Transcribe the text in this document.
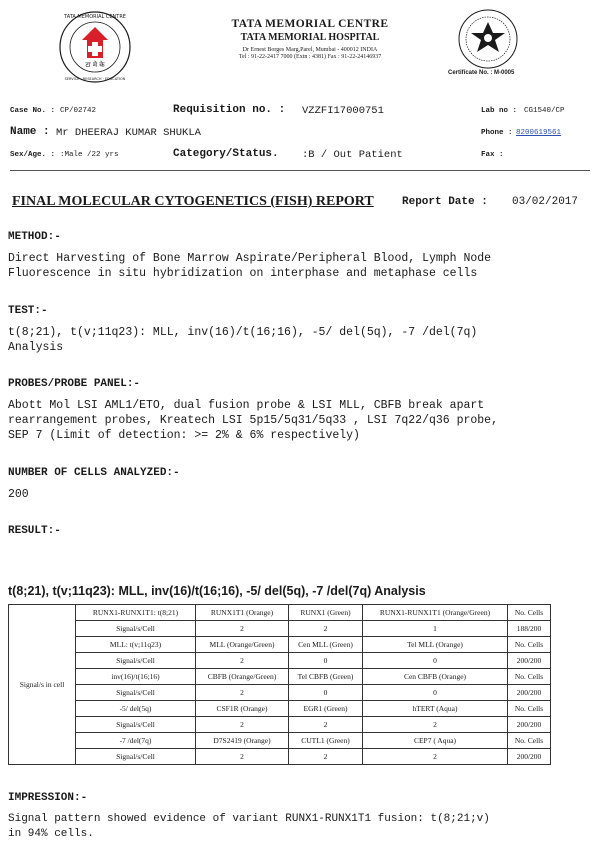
टा मे के
TATA MEMORIAL CENTRE
SERVICE · RESEARCH · EDUCATION
TATA MEMORIAL CENTRE
TATA MEMORIAL HOSPITAL
Dr Ernest Borges Marg,Parel, Mumbai - 400012 INDIA
Tel : 91-22-2417 7000 (Extn : 4381) Fax : 91-22-24146937
Certificate No. : M-0005
Case No. : CP/02742	Requisition no. : VZZFI17000751	Lab no : CG1540/CP
Name : Mr DHEERAJ KUMAR SHUKLA	Phone : 8200619561
Sex/Age. : :Male /22 yrs	Category/Status. :B / Out Patient	Fax :
FINAL MOLECULAR CYTOGENETICS (FISH) REPORT	Report Date : 03/02/2017
METHOD:-
Direct Harvesting of Bone Marrow Aspirate/Peripheral Blood, Lymph Node
Fluorescence in situ hybridization on interphase and metaphase cells
TEST:-
t(8;21), t(v;11q23): MLL, inv(16)/t(16;16), -5/ del(5q), -7 /del(7q)
Analysis
PROBES/PROBE PANEL:-
Abott Mol LSI AML1/ETO, dual fusion probe & LSI MLL, CBFB break apart
rearrangement probes, Kreatech LSI 5p15/5q31/5q33 , LSI 7q22/q36 probe,
SEP 7 (Limit of detection: >= 2% & 6% respectively)
NUMBER OF CELLS ANALYZED:-
200
RESULT:-
t(8;21), t(v;11q23): MLL, inv(16)/t(16;16), -5/ del(5q), -7 /del(7q) Analysis
Signal/s in cell	RUNX1-RUNX1T1: t(8;21)	RUNX1T1 (Orange)	RUNX1 (Green)	RUNX1-RUNX1T1 (Orange/Green)	No. Cells
	Signal/s/Cell	2	2	1	188/200
	MLL: t(v;11q23)	MLL (Orange/Green)	Cen MLL (Green)	Tel MLL (Orange)	No. Cells
	Signal/s/Cell	2	0	0	200/200
	inv(16)/t(16;16)	CBFB (Orange/Green)	Tel CBFB (Green)	Cen CBFB (Orange)	No. Cells
	Signal/s/Cell	2	0	0	200/200
	-5/ del(5q)	CSF1R (Orange)	EGR1 (Green)	hTERT (Aqua)	No. Cells
	Signal/s/Cell	2	2	2	200/200
	-7 /del(7q)	D7S2419 (Orange)	CUTL1 (Green)	CEP7 ( Aqua)	No. Cells
	Signal/s/Cell	2	2	2	200/200
IMPRESSION:-
Signal pattern showed evidence of variant RUNX1-RUNX1T1 fusion: t(8;21;v)
in 94% cells.
